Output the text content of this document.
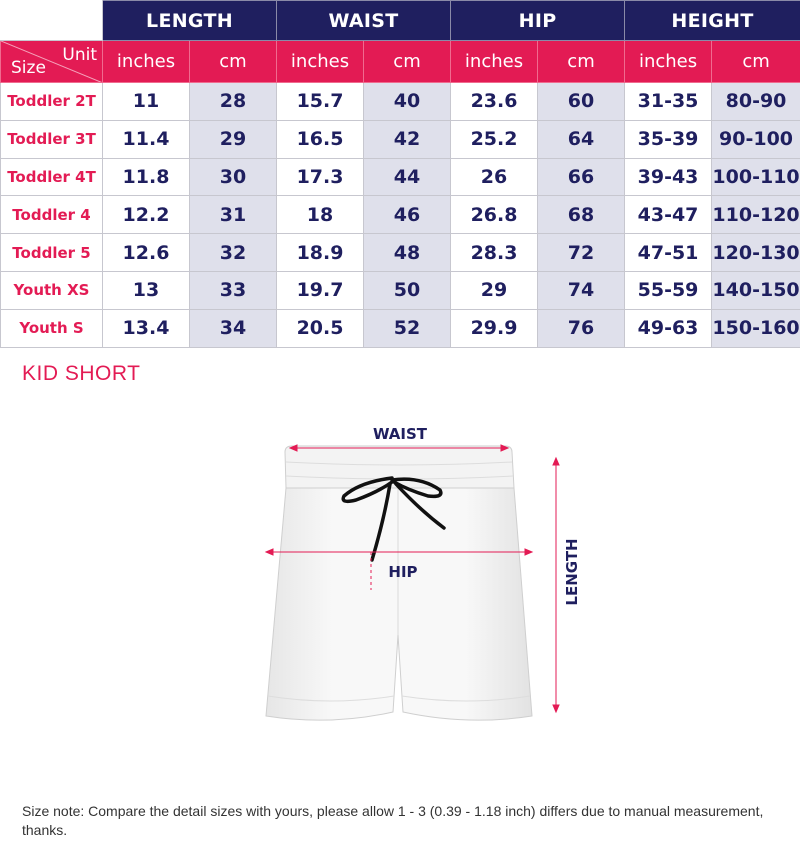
	LENGTH		WAIST		HIP		HEIGHT	

Unit
Size	inches	cm	inches	cm	inches	cm	inches	cm
Toddler 2T	11	28	15.7	40	23.6	60	31-35	80-90
Toddler 3T	11.4	29	16.5	42	25.2	64	35-39	90-100
Toddler 4T	11.8	30	17.3	44	26	66	39-43	100-110
Toddler 4	12.2	31	18	46	26.8	68	43-47	110-120
Toddler 5	12.6	32	18.9	48	28.3	72	47-51	120-130
Youth XS	13	33	19.7	50	29	74	55-59	140-150
Youth S	13.4	34	20.5	52	29.9	76	49-63	150-160
KID SHORT
WAIST
HIP	LENGTH
Size note: Compare the detail sizes with yours, please allow 1 - 3 (0.39 - 1.18 inch) differs due to manual measurement, thanks.
